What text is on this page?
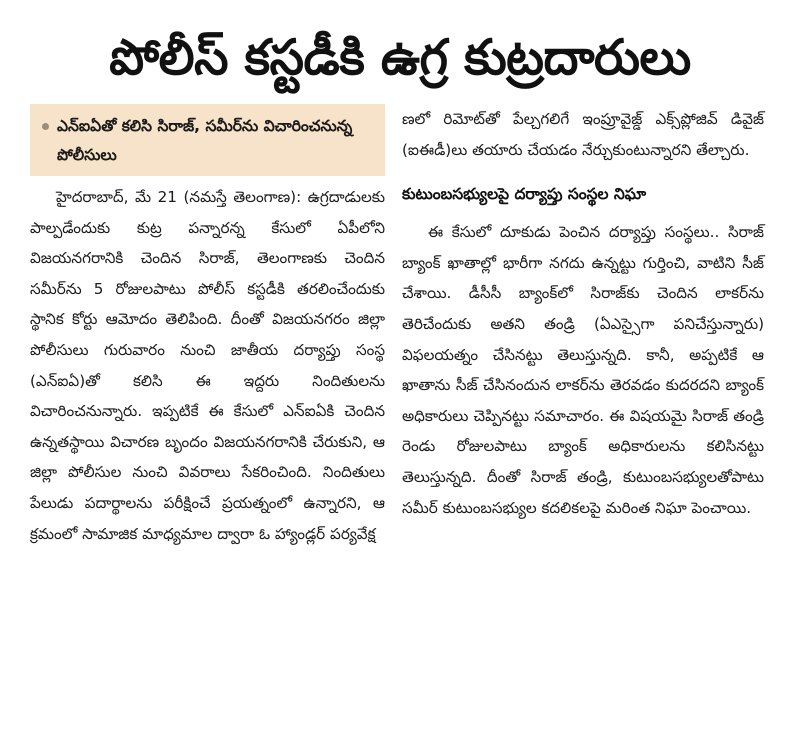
పోలీస్ కస్టడీకి ఉగ్ర కుట్రదారులు
ఎన్ఐఏతో కలిసి సిరాజ్, సమీర్‌ను విచారించనున్న పోలీసులు

హైదరాబాద్, మే 21 (నమస్తే తెలంగాణ): ఉగ్రదాడులకు పాల్పడేందుకు కుట్ర పన్నారన్న కేసులో ఏపీలోని విజయనగరానికి చెందిన సిరాజ్, తెలంగాణకు చెందిన సమీర్‌ను 5 రోజులపాటు పోలీస్ కస్టడీకి తరలించేందుకు స్థానిక కోర్టు ఆమోదం తెలిపింది. దీంతో విజయనగరం జిల్లా పోలీసులు గురువారం నుంచి జాతీయ దర్యాప్తు సంస్థ (ఎన్ఐఏ)తో కలిసి ఈ ఇద్దరు నిందితులను విచారించనున్నారు. ఇప్పటికే ఈ కేసులో ఎన్ఐఏకి చెందిన ఉన్నతస్థాయి విచారణ బృందం విజయనగరానికి చేరుకుని, ఆ జిల్లా పోలీసుల నుంచి వివరాలు సేకరించింది. నిందితులు పేలుడు పదార్థాలను పరీక్షించే ప్రయత్నంలో ఉన్నారని, ఆ క్రమంలో సామాజిక మాధ్యమాల ద్వారా ఓ హ్యాండ్లర్ పర్యవేక్ష

ణలో రిమోట్‌తో పేల్చగలిగే ఇంప్రూవైజ్డ్ ఎక్స్‌ప్లోజివ్ డివైజ్ (ఐఈడీ)లు తయారు చేయడం నేర్చుకుంటున్నారని తేల్చారు.

కుటుంబసభ్యులపై దర్యాప్తు సంస్థల నిఘా

ఈ కేసులో దూకుడు పెంచిన దర్యాప్తు సంస్థలు.. సిరాజ్ బ్యాంక్ ఖాతాల్లో భారీగా నగదు ఉన్నట్టు గుర్తించి, వాటిని సీజ్ చేశాయి. డీసీసీ బ్యాంక్‌లో సిరాజ్‌కు చెందిన లాకర్‌ను తెరిచేందుకు అతని తండ్రి (ఏఎస్సైగా పనిచేస్తున్నారు) విఫలయత్నం చేసినట్టు తెలుస్తున్నది. కానీ, అప్పటికే ఆ ఖాతాను సీజ్ చేసినందున లాకర్‌ను తెరవడం కుదరదని బ్యాంక్ అధికారులు చెప్పినట్టు సమాచారం. ఈ విషయమై సిరాజ్ తండ్రి రెండు రోజులపాటు బ్యాంక్ అధికారులను కలిసినట్టు తెలుస్తున్నది. దీంతో సిరాజ్ తండ్రి, కుటుంబసభ్యులతోపాటు సమీర్ కుటుంబసభ్యుల కదలికలపై మరింత నిఘా పెంచాయి.
